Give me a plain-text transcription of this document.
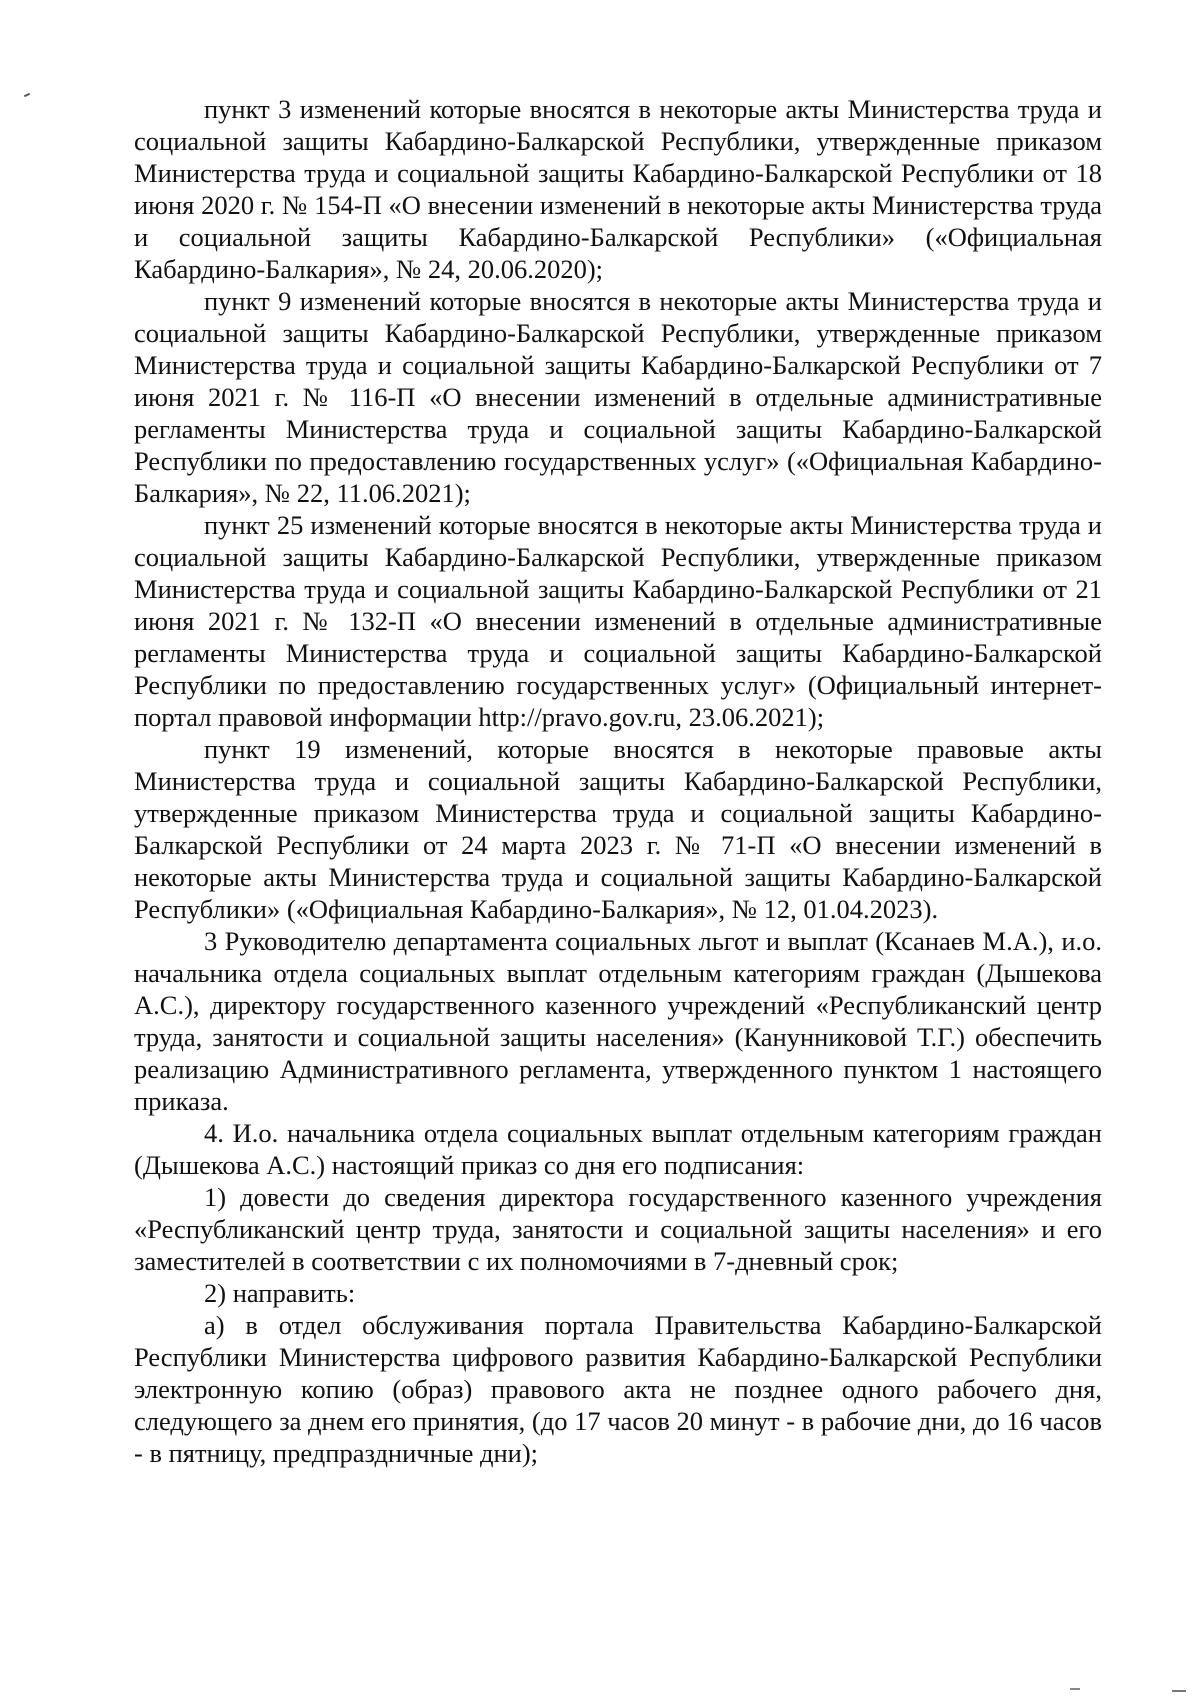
пункт 3 изменений которые вносятся в некоторые акты Министерства труда и социальной защиты Кабардино-Балкарской Республики, утвержденные приказом Министерства труда и социальной защиты Кабардино-Балкарской Республики от 18 июня 2020 г. № 154-П «О внесении изменений в некоторые акты Министерства труда и социальной защиты Кабардино-Балкарской Республики» («Официальная Кабардино-Балкария», № 24, 20.06.2020);

пункт 9 изменений которые вносятся в некоторые акты Министерства труда и социальной защиты Кабардино-Балкарской Республики, утвержденные приказом Министерства труда и социальной защиты Кабардино-Балкарской Республики от 7 июня 2021 г. № 116-П «О внесении изменений в отдельные административные регламенты Министерства труда и социальной защиты Кабардино-Балкарской Республики по предоставлению государственных услуг» («Официальная Кабардино-Балкария», № 22, 11.06.2021);

пункт 25 изменений которые вносятся в некоторые акты Министерства труда и социальной защиты Кабардино-Балкарской Республики, утвержденные приказом Министерства труда и социальной защиты Кабардино-Балкарской Республики от 21 июня 2021 г. № 132-П «О внесении изменений в отдельные административные регламенты Министерства труда и социальной защиты Кабардино-Балкарской Республики по предоставлению государственных услуг» (Официальный интернет-портал правовой информации http://pravo.gov.ru, 23.06.2021);

пункт 19 изменений, которые вносятся в некоторые правовые акты Министерства труда и социальной защиты Кабардино-Балкарской Республики, утвержденные приказом Министерства труда и социальной защиты Кабардино-Балкарской Республики от 24 марта 2023 г. № 71-П «О внесении изменений в некоторые акты Министерства труда и социальной защиты Кабардино-Балкарской Республики» («Официальная Кабардино-Балкария», № 12, 01.04.2023).

3 Руководителю департамента социальных льгот и выплат (Ксанаев М.А.), и.о. начальника отдела социальных выплат отдельным категориям граждан (Дышекова А.С.), директору государственного казенного учреждений «Республиканский центр труда, занятости и социальной защиты населения» (Канунниковой Т.Г.) обеспечить реализацию Административного регламента, утвержденного пунктом 1 настоящего приказа.

4. И.о. начальника отдела социальных выплат отдельным категориям граждан (Дышекова А.С.) настоящий приказ со дня его подписания:

1) довести до сведения директора государственного казенного учреждения «Республиканский центр труда, занятости и социальной защиты населения» и его заместителей в соответствии с их полномочиями в 7-дневный срок;

2) направить:

а) в отдел обслуживания портала Правительства Кабардино-Балкарской Республики Министерства цифрового развития Кабардино-Балкарской Республики электронную копию (образ) правового акта не позднее одного рабочего дня, следующего за днем его принятия, (до 17 часов 20 минут - в рабочие дни, до 16 часов - в пятницу, предпраздничные дни);
